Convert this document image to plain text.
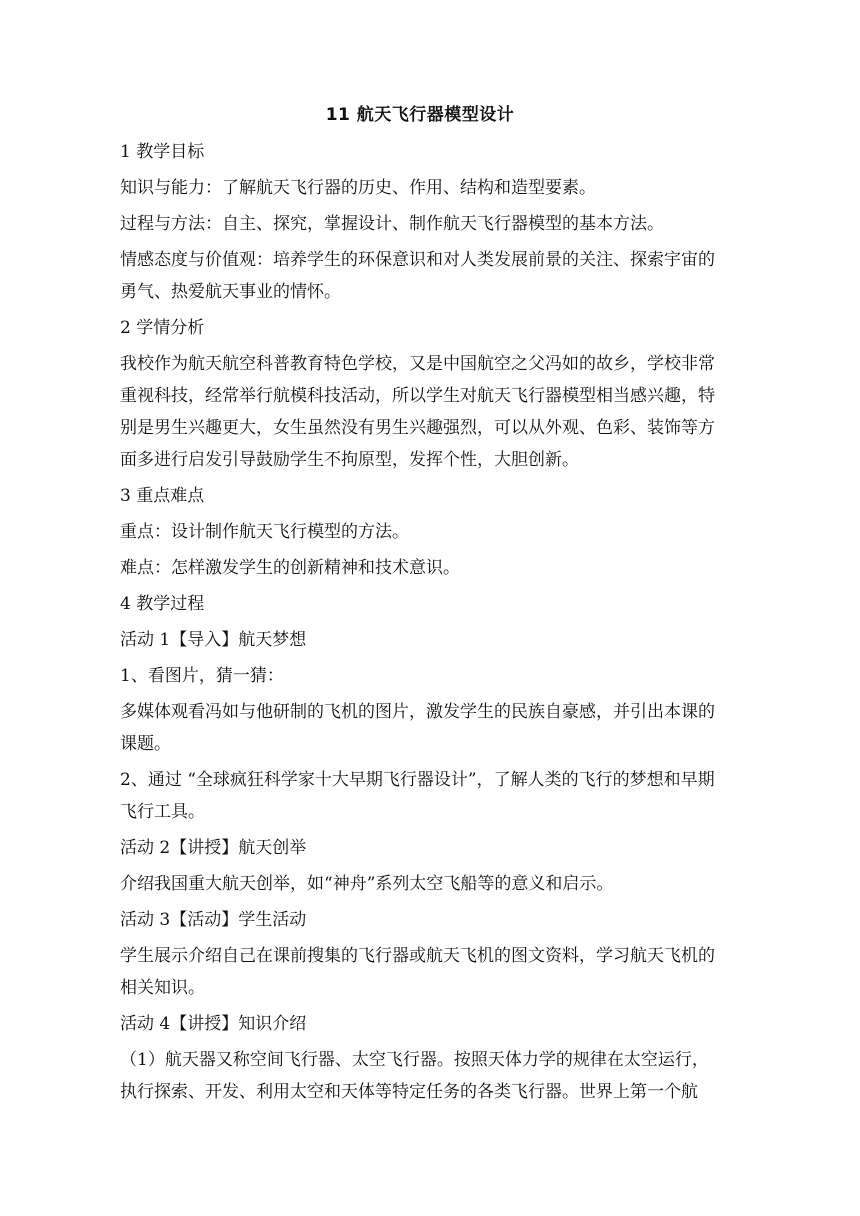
11 航天飞行器模型设计
1 教学目标
知识与能力：了解航天飞行器的历史、作用、结构和造型要素。
过程与方法：自主、探究，掌握设计、制作航天飞行器模型的基本方法。
情感态度与价值观：培养学生的环保意识和对人类发展前景的关注、探索宇宙的勇气、热爱航天事业的情怀。
2 学情分析
我校作为航天航空科普教育特色学校，又是中国航空之父冯如的故乡，学校非常重视科技，经常举行航模科技活动，所以学生对航天飞行器模型相当感兴趣，特别是男生兴趣更大，女生虽然没有男生兴趣强烈，可以从外观、色彩、装饰等方面多进行启发引导鼓励学生不拘原型，发挥个性，大胆创新。
3 重点难点
重点：设计制作航天飞行模型的方法。
难点：怎样激发学生的创新精神和技术意识。
4 教学过程
活动 1【导入】航天梦想
1、看图片，猜一猜：
多媒体观看冯如与他研制的飞机的图片，激发学生的民族自豪感，并引出本课的课题。
2、通过 “全球疯狂科学家十大早期飞行器设计”，了解人类的飞行的梦想和早期飞行工具。
活动 2【讲授】航天创举
介绍我国重大航天创举，如“神舟”系列太空飞船等的意义和启示。
活动 3【活动】学生活动
学生展示介绍自己在课前搜集的飞行器或航天飞机的图文资料，学习航天飞机的相关知识。
活动 4【讲授】知识介绍
（1）航天器又称空间飞行器、太空飞行器。按照天体力学的规律在太空运行，执行探索、开发、利用太空和天体等特定任务的各类飞行器。世界上第一个航
